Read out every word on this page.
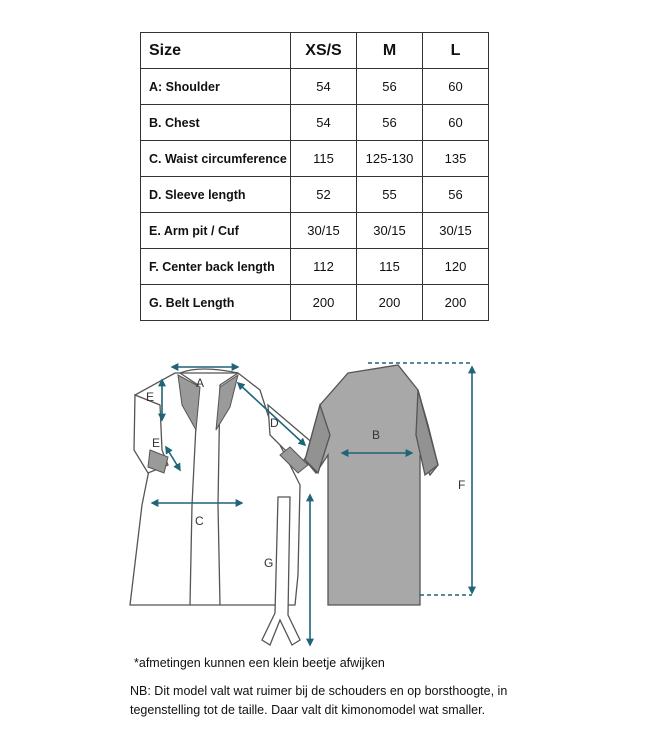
Size	XS/S	M	L
A: Shoulder	54	56	60
B. Chest	54	56	60
C. Waist circumference	115	125-130	135
D. Sleeve length	52	55	56
E. Arm pit / Cuf	30/15	30/15	30/15
F. Center back length	112	115	120
G. Belt Length	200	200	200
A
B
C
D
E
E
F
G
*afmetingen kunnen een klein beetje afwijken
NB: Dit model valt wat ruimer bij de schouders en op borsthoogte, in tegenstelling tot de taille. Daar valt dit kimonomodel wat smaller.
